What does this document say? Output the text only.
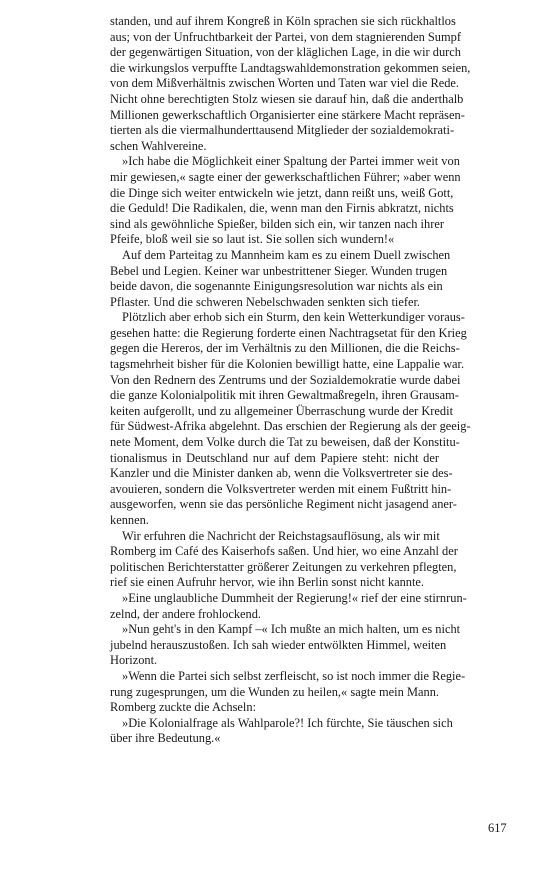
standen, und auf ihrem Kongreß in Köln sprachen sie sich rückhaltlos
aus; von der Unfruchtbarkeit der Partei, von dem stagnierenden Sumpf
der gegenwärtigen Situation, von der kläglichen Lage, in die wir durch
die wirkungslos verpuffte Landtagswahldemonstration gekommen seien,
von dem Mißverhältnis zwischen Worten und Taten war viel die Rede.
Nicht ohne berechtigten Stolz wiesen sie darauf hin, daß die anderthalb
Millionen gewerkschaftlich Organisierter eine stärkere Macht repräsen-
tierten als die viermalhunderttausend Mitglieder der sozialdemokrati-
schen Wahlvereine.
»Ich habe die Möglichkeit einer Spaltung der Partei immer weit von
mir gewiesen,« sagte einer der gewerkschaftlichen Führer; »aber wenn
die Dinge sich weiter entwickeln wie jetzt, dann reißt uns, weiß Gott,
die Geduld! Die Radikalen, die, wenn man den Firnis abkratzt, nichts
sind als gewöhnliche Spießer, bilden sich ein, wir tanzen nach ihrer
Pfeife, bloß weil sie so laut ist. Sie sollen sich wundern!«
Auf dem Parteitag zu Mannheim kam es zu einem Duell zwischen
Bebel und Legien. Keiner war unbestrittener Sieger. Wunden trugen
beide davon, die sogenannte Einigungsresolution war nichts als ein
Pflaster. Und die schweren Nebelschwaden senkten sich tiefer.
Plötzlich aber erhob sich ein Sturm, den kein Wetterkundiger voraus-
gesehen hatte: die Regierung forderte einen Nachtragsetat für den Krieg
gegen die Hereros, der im Verhältnis zu den Millionen, die die Reichs-
tagsmehrheit bisher für die Kolonien bewilligt hatte, eine Lappalie war.
Von den Rednern des Zentrums und der Sozialdemokratie wurde dabei
die ganze Kolonialpolitik mit ihren Gewaltmaßregeln, ihren Grausam-
keiten aufgerollt, und zu allgemeiner Überraschung wurde der Kredit
für Südwest-Afrika abgelehnt. Das erschien der Regierung als der geeig-
nete Moment, dem Volke durch die Tat zu beweisen, daß der Konstitu-
tionalismus in Deutschland nur auf dem Papiere steht: nicht der
Kanzler und die Minister danken ab, wenn die Volksvertreter sie des-
avouieren, sondern die Volksvertreter werden mit einem Fußtritt hin-
ausgeworfen, wenn sie das persönliche Regiment nicht jasagend aner-
kennen.
Wir erfuhren die Nachricht der Reichstagsauflösung, als wir mit
Romberg im Café des Kaiserhofs saßen. Und hier, wo eine Anzahl der
politischen Berichterstatter größerer Zeitungen zu verkehren pflegten,
rief sie einen Aufruhr hervor, wie ihn Berlin sonst nicht kannte.
»Eine unglaubliche Dummheit der Regierung!« rief der eine stirnrun-
zelnd, der andere frohlockend.
»Nun geht's in den Kampf –« Ich mußte an mich halten, um es nicht
jubelnd herauszustoßen. Ich sah wieder entwölkten Himmel, weiten
Horizont.
»Wenn die Partei sich selbst zerfleischt, so ist noch immer die Regie-
rung zugesprungen, um die Wunden zu heilen,« sagte mein Mann.
Romberg zuckte die Achseln:
»Die Kolonialfrage als Wahlparole?! Ich fürchte, Sie täuschen sich
über ihre Bedeutung.«
617
